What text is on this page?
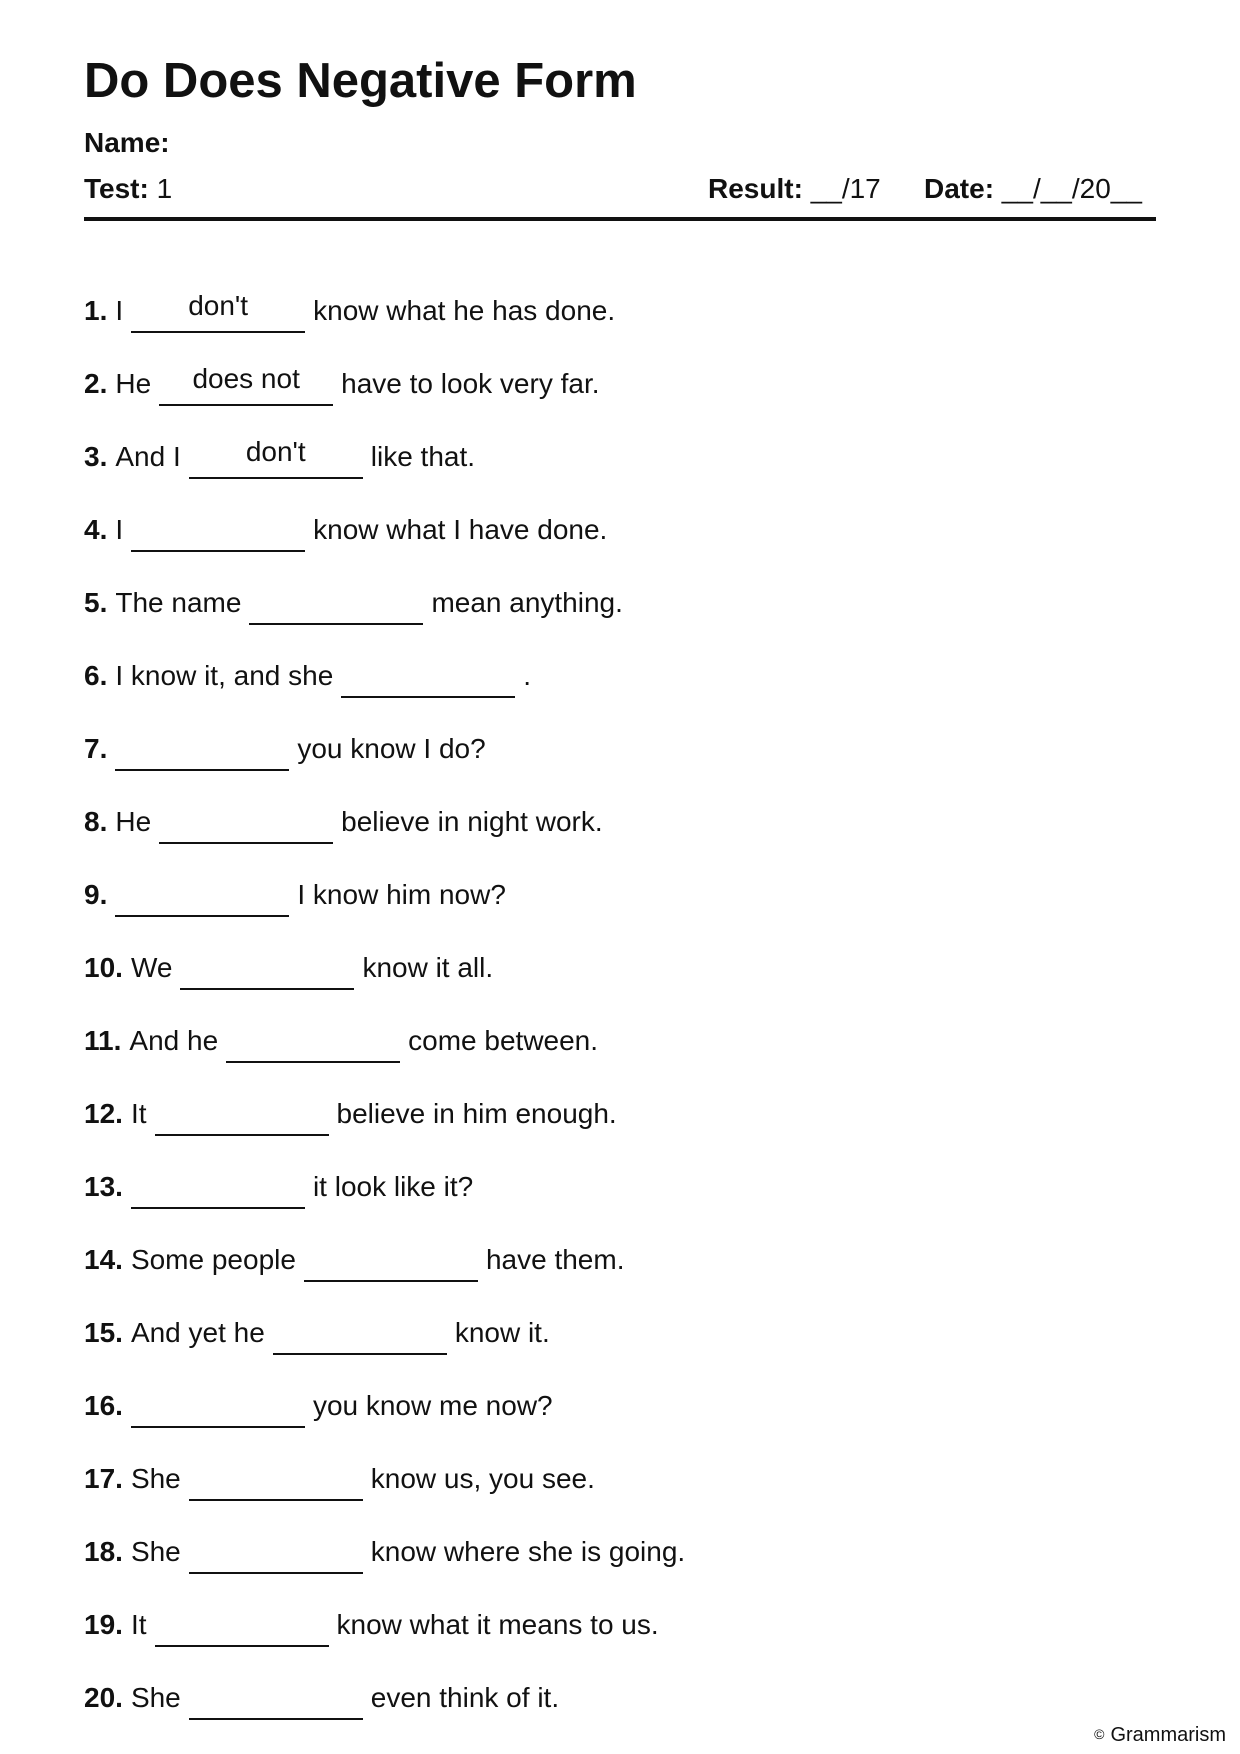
Do Does Negative Form
Name:
Test: 1	Result: __/17 Date: __/__/20__
1. I	don't	know what he has done.
2. He	does not	have to look very far.
3. And I	don't	like that.
4. I	know what I have done.
5. The name	mean anything.
6. I know it, and she	.
7.	you know I do?
8. He	believe in night work.
9.	I know him now?
10. We	know it all.
11. And he	come between.
12. It	believe in him enough.
13.	it look like it?
14. Some people	have them.
15. And yet he	know it.
16.	you know me now?
17. She	know us, you see.
18. She	know where she is going.
19. It	know what it means to us.
20. She	even think of it.
© Grammarism
